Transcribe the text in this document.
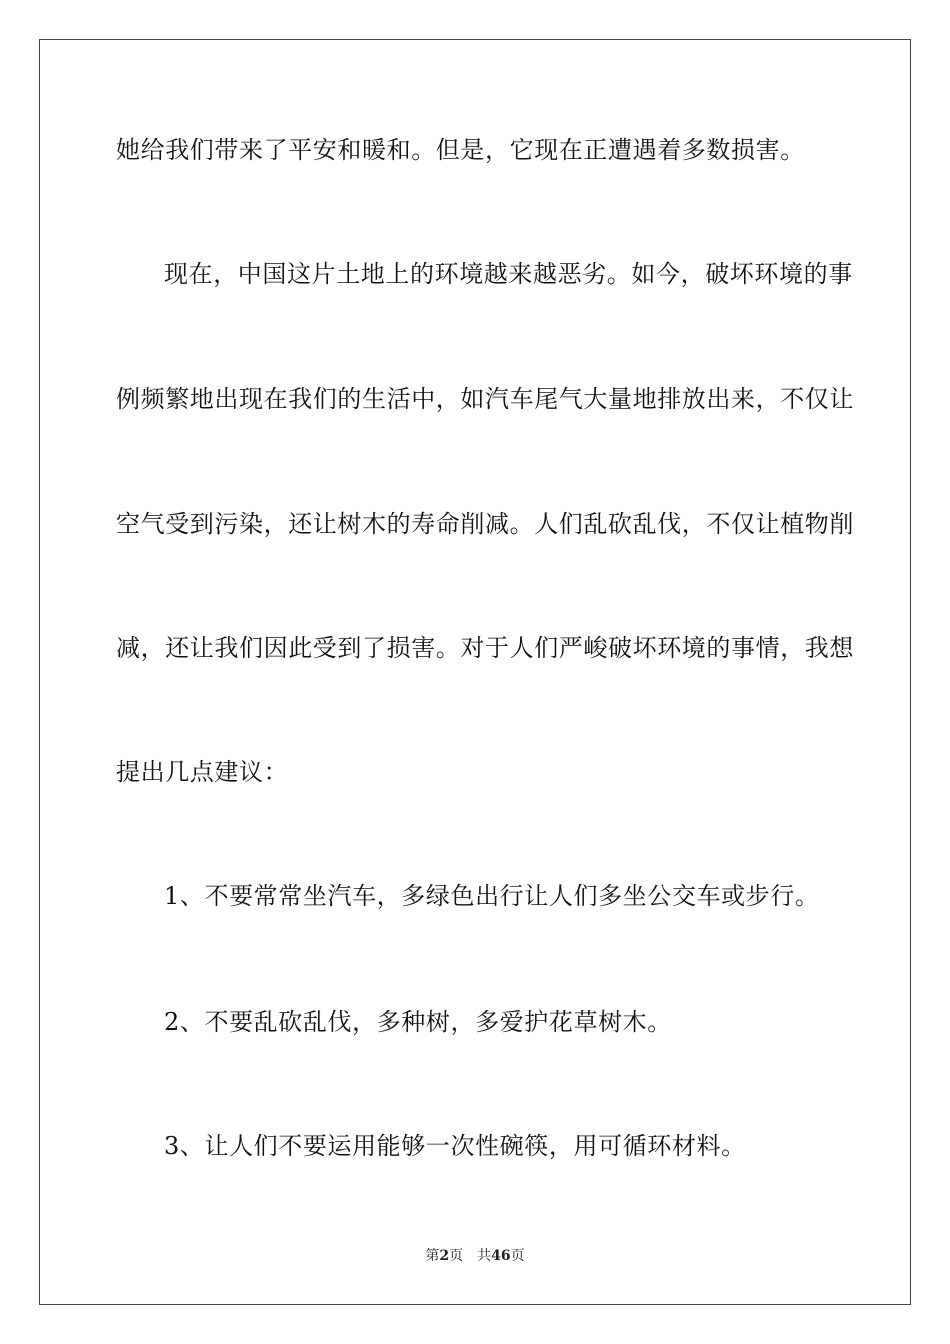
她给我们带来了平安和暖和。但是，它现在正遭遇着多数损害。
现在，中国这片土地上的环境越来越恶劣。如今，破坏环境的事
例频繁地出现在我们的生活中，如汽车尾气大量地排放出来，不仅让
空气受到污染，还让树木的寿命削减。人们乱砍乱伐，不仅让植物削
减，还让我们因此受到了损害。对于人们严峻破坏环境的事情，我想
提出几点建议：
1、不要常常坐汽车，多绿色出行让人们多坐公交车或步行。
2、不要乱砍乱伐，多种树，多爱护花草树木。
3、让人们不要运用能够一次性碗筷，用可循环材料。
第2页 共46页
